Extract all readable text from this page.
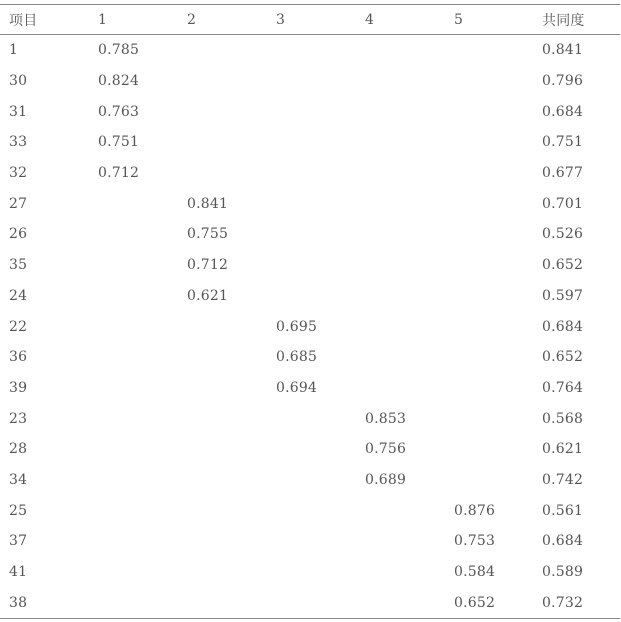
项目	1	2	3	4	5	共同度
1	0.785					0.841
30	0.824					0.796
31	0.763					0.684
33	0.751					0.751
32	0.712					0.677
27		0.841				0.701
26		0.755				0.526
35		0.712				0.652
24		0.621				0.597
22			0.695			0.684
36			0.685			0.652
39			0.694			0.764
23				0.853		0.568
28				0.756		0.621
34				0.689		0.742
25					0.876	0.561
37					0.753	0.684
41					0.584	0.589
38					0.652	0.732
